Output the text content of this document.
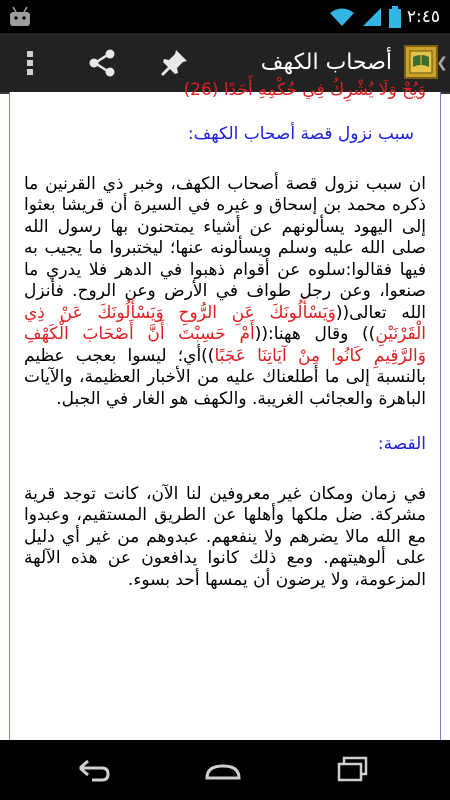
٢:٤٥
أصحاب الكهف	❮
وَيُحْ وَلَا يُشْرِكُ فِي حُكْمِهِ أَحَدًا (26)
سبب نزول قصة أصحاب الكهف:

ان سبب نزول قصة أصحاب الكهف، وخبر ذي القرنين ما ذكره محمد بن إسحاق و غيره في السيرة أن قريشا بعثوا إلى اليهود يسألونهم عن أشياء يمتحنون بها رسول الله صلى الله عليه وسلم ويسألونه عنها؛ ليختبروا ما يجيب به فيها فقالوا:سلوه عن أقوام ذهبوا في الدهر فلا يدري ما صنعوا، وعن رجل طواف في الأرض وعن الروح. فأنزل الله تعالى((وَيَسْأَلُونَكَ عَنِ الرُّوحِ وَيَسْأَلُونَكَ عَنْ ذِي الْقَرْنَيْنِ)) وقال ههنا:((أَمْ حَسِبْتَ أَنَّ أَصْحَابَ الْكَهْفِ وَالرَّقِيمِ كَانُوا مِنْ آيَاتِنَا عَجَبًا))أي؛ ليسوا بعجب عظيم بالنسبة إلى ما أطلعناك عليه من الأخبار العظيمة، والآيات الباهرة والعجائب الغريبة. والكهف هو الغار في الجبل.

القصة:

في زمان ومكان غير معروفين لنا الآن، كانت توجد قرية مشركة. ضل ملكها وأهلها عن الطريق المستقيم، وعبدوا مع الله مالا يضرهم ولا ينفعهم. عبدوهم من غير أي دليل على ألوهيتهم. ومع ذلك كانوا يدافعون عن هذه الآلهة المزعومة، ولا يرضون أن يمسها أحد بسوء.
